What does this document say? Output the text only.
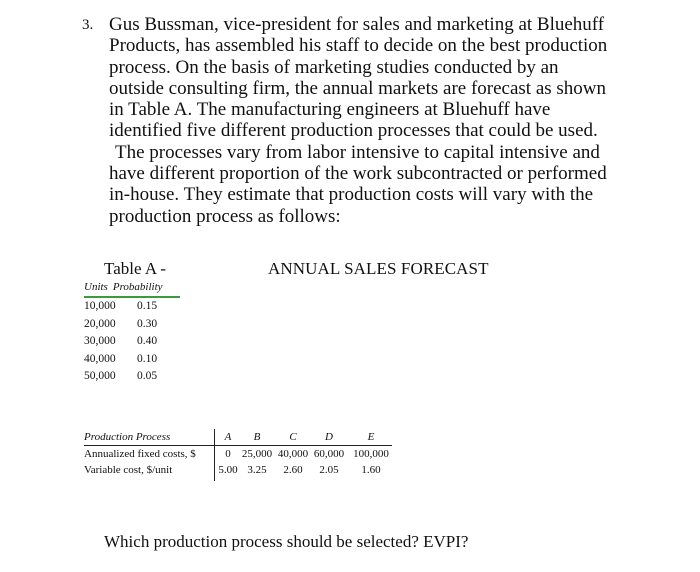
3. Gus Bussman, vice-president for sales and marketing at Bluehuff
Products, has assembled his staff to decide on the best production
process. On the basis of marketing studies conducted by an
outside consulting firm, the annual markets are forecast as shown
in Table A. The manufacturing engineers at Bluehuff have
identified five different production processes that could be used.
The processes vary from labor intensive to capital intensive and
have different proportion of the work subcontracted or performed
in-house. They estimate that production costs will vary with the
production process as follows:
Table A -	ANNUAL SALES FORECAST
Units Probability
10,000	0.15
20,000	0.30
30,000	0.40
40,000	0.10
50,000	0.05
Production Process	A B	C	D	E
Annualized fixed costs, $	0	25,000 40,000 60,000 100,000
Variable cost, $/unit	5.00 3.25 2.60 2.05 1.60
Which production process should be selected? EVPI?
